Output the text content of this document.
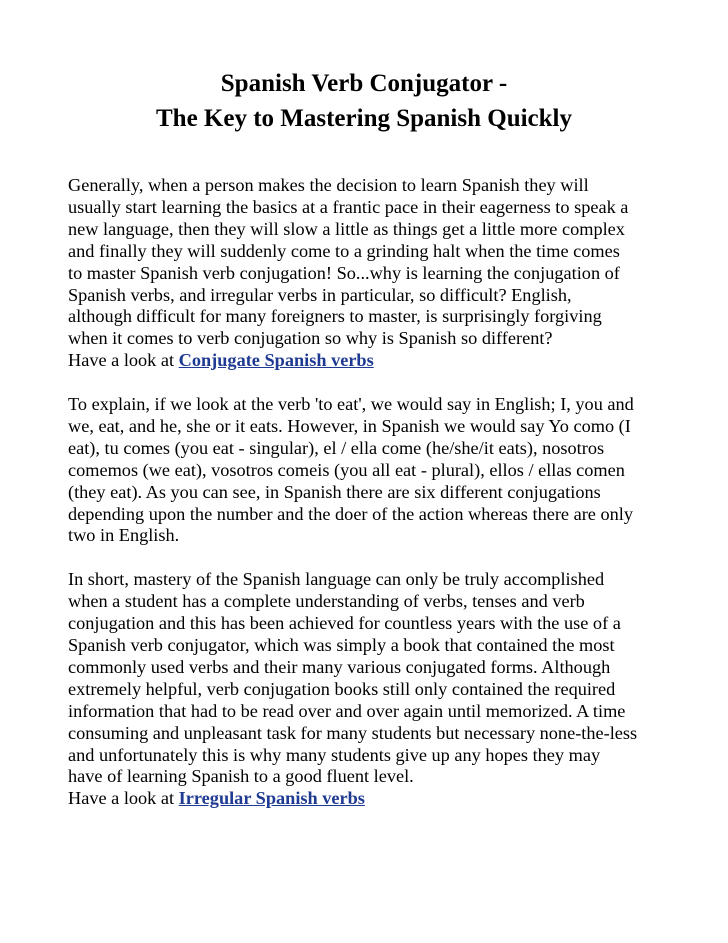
Spanish Verb Conjugator -
The Key to Mastering Spanish Quickly

Generally, when a person makes the decision to learn Spanish they will
usually start learning the basics at a frantic pace in their eagerness to speak a
new language, then they will slow a little as things get a little more complex
and finally they will suddenly come to a grinding halt when the time comes
to master Spanish verb conjugation! So...why is learning the conjugation of
Spanish verbs, and irregular verbs in particular, so difficult? English,
although difficult for many foreigners to master, is surprisingly forgiving
when it comes to verb conjugation so why is Spanish so different?
Have a look at Conjugate Spanish verbs

To explain, if we look at the verb 'to eat', we would say in English; I, you and
we, eat, and he, she or it eats. However, in Spanish we would say Yo como (I
eat), tu comes (you eat - singular), el / ella come (he/she/it eats), nosotros
comemos (we eat), vosotros comeis (you all eat - plural), ellos / ellas comen
(they eat). As you can see, in Spanish there are six different conjugations
depending upon the number and the doer of the action whereas there are only
two in English.

In short, mastery of the Spanish language can only be truly accomplished
when a student has a complete understanding of verbs, tenses and verb
conjugation and this has been achieved for countless years with the use of a
Spanish verb conjugator, which was simply a book that contained the most
commonly used verbs and their many various conjugated forms. Although
extremely helpful, verb conjugation books still only contained the required
information that had to be read over and over again until memorized. A time
consuming and unpleasant task for many students but necessary none-the-less
and unfortunately this is why many students give up any hopes they may
have of learning Spanish to a good fluent level.
Have a look at Irregular Spanish verbs
